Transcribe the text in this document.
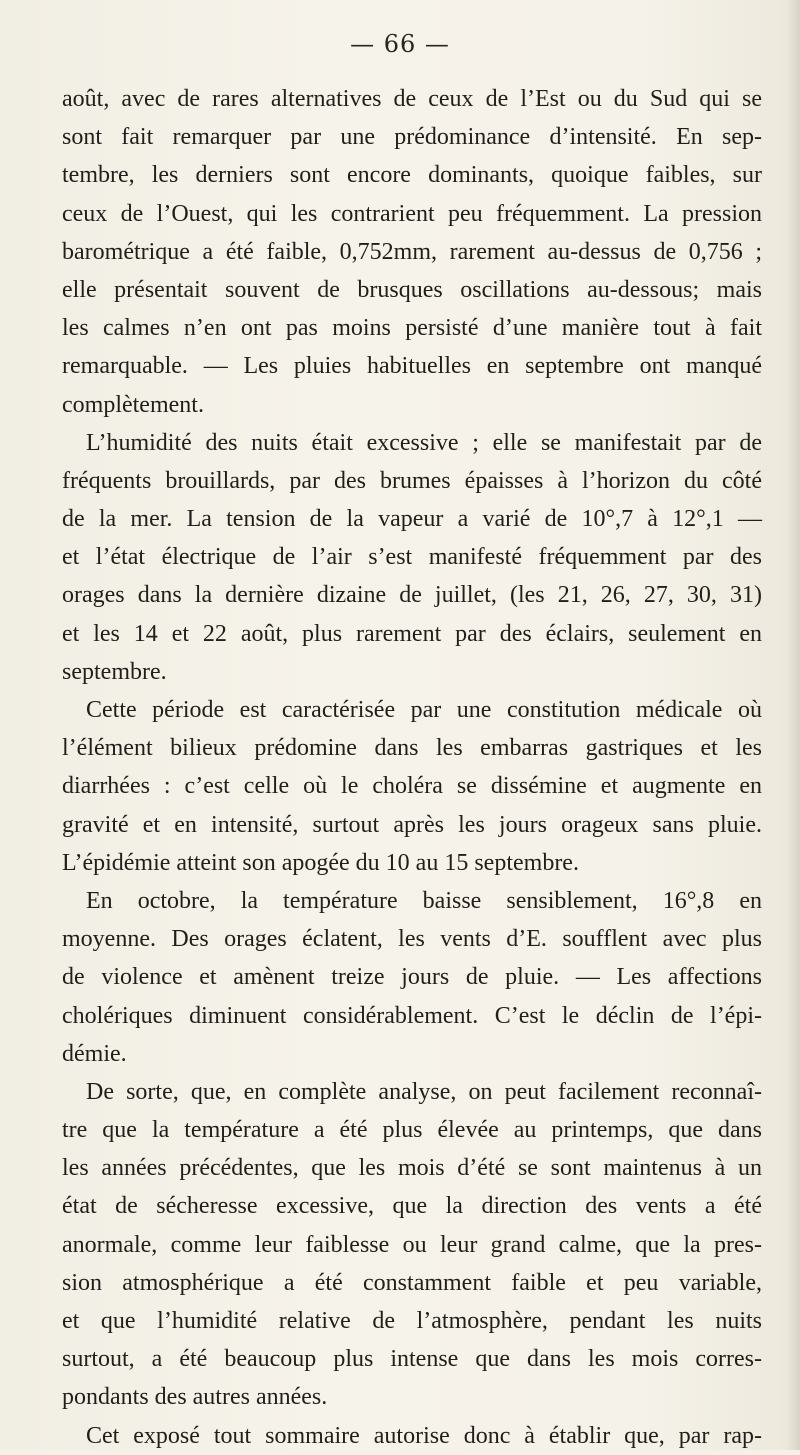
— 66 —
août, avec de rares alternatives de ceux de l’Est ou du Sud qui se
sont fait remarquer par une prédominance d’intensité. En sep-
tembre, les derniers sont encore dominants, quoique faibles, sur
ceux de l’Ouest, qui les contrarient peu fréquemment. La pression
barométrique a été faible, 0,752mm, rarement au-dessus de 0,756 ;
elle présentait souvent de brusques oscillations au-dessous; mais
les calmes n’en ont pas moins persisté d’une manière tout à fait
remarquable. — Les pluies habituelles en septembre ont manqué
complètement.
L’humidité des nuits était excessive ; elle se manifestait par de
fréquents brouillards, par des brumes épaisses à l’horizon du côté
de la mer. La tension de la vapeur a varié de 10°,7 à 12°,1 —
et l’état électrique de l’air s’est manifesté fréquemment par des
orages dans la dernière dizaine de juillet, (les 21, 26, 27, 30, 31)
et les 14 et 22 août, plus rarement par des éclairs, seulement en
septembre.
Cette période est caractérisée par une constitution médicale où
l’élément bilieux prédomine dans les embarras gastriques et les
diarrhées : c’est celle où le choléra se dissémine et augmente en
gravité et en intensité, surtout après les jours orageux sans pluie.
L’épidémie atteint son apogée du 10 au 15 septembre.
En octobre, la température baisse sensiblement, 16°,8 en
moyenne. Des orages éclatent, les vents d’E. soufflent avec plus
de violence et amènent treize jours de pluie. — Les affections
cholériques diminuent considérablement. C’est le déclin de l’épi-
démie.
De sorte, que, en complète analyse, on peut facilement reconnaî-
tre que la température a été plus élevée au printemps, que dans
les années précédentes, que les mois d’été se sont maintenus à un
état de sécheresse excessive, que la direction des vents a été
anormale, comme leur faiblesse ou leur grand calme, que la pres-
sion atmosphérique a été constamment faible et peu variable,
et que l’humidité relative de l’atmosphère, pendant les nuits
surtout, a été beaucoup plus intense que dans les mois corres-
pondants des autres années.
Cet exposé tout sommaire autorise donc à établir que, par rap-
